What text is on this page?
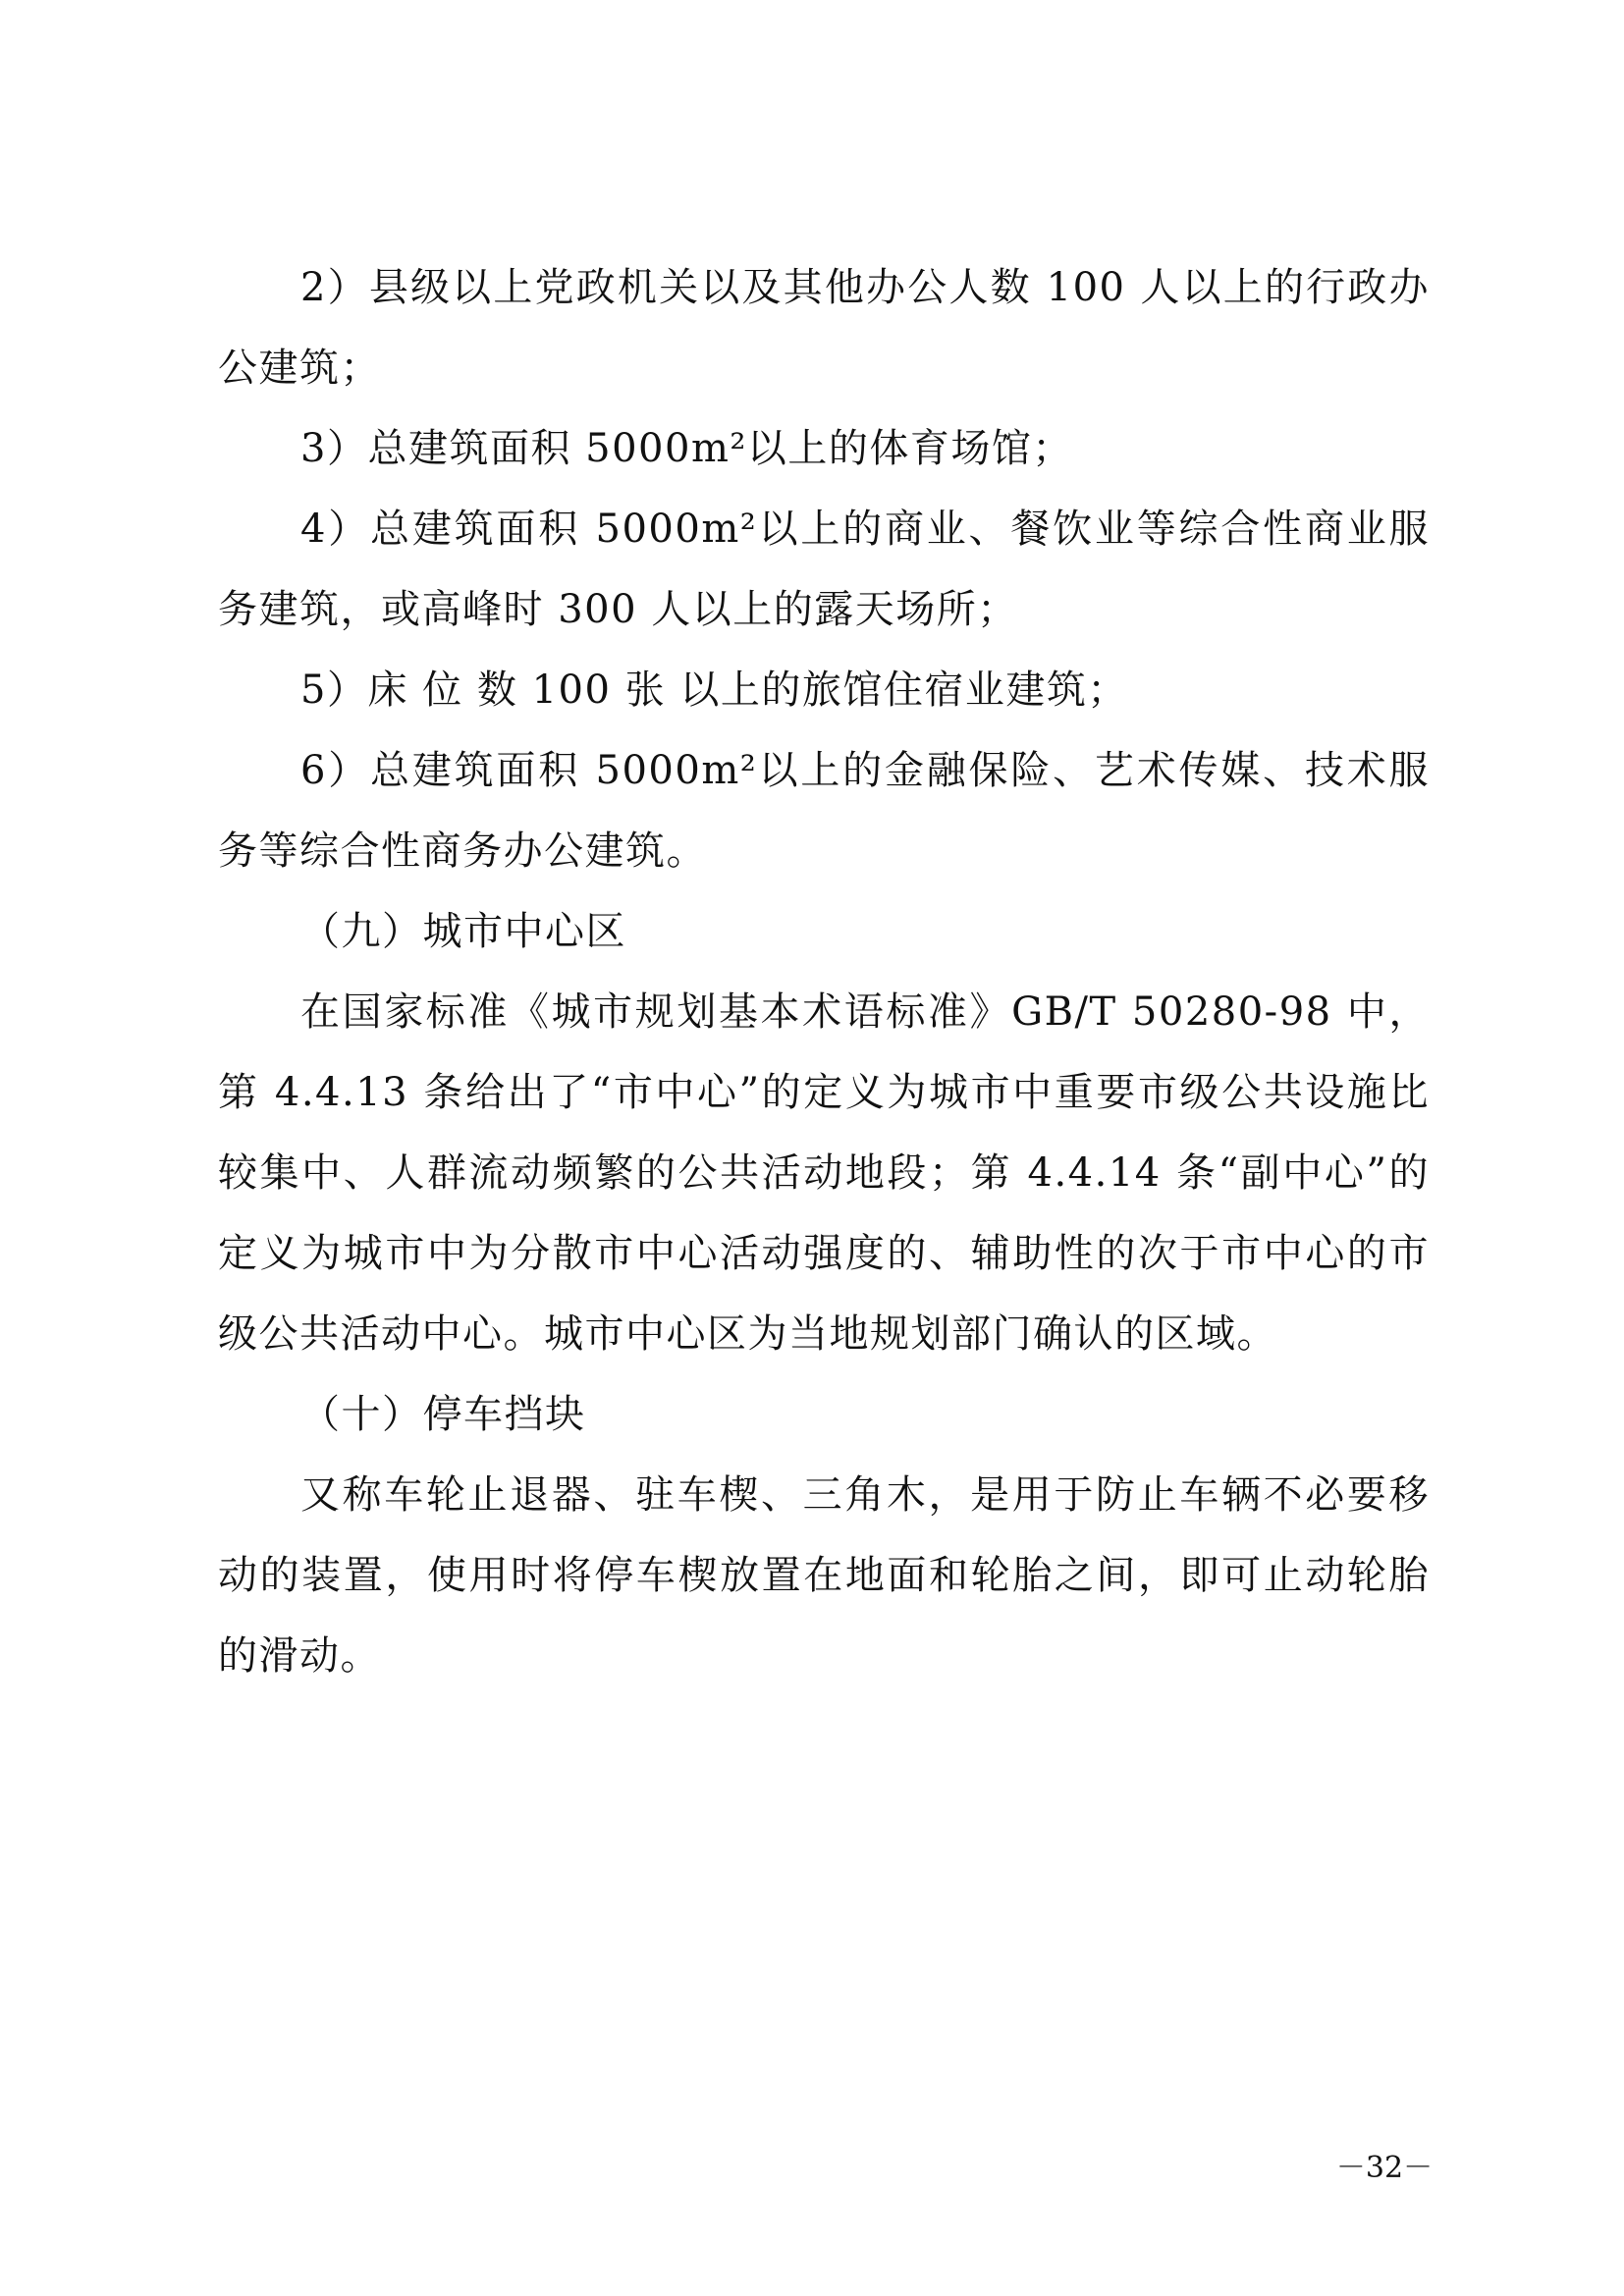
2）县级以上党政机关以及其他办公人数 100 人以上的行政办公建筑；

3）总建筑面积 5000m²以上的体育场馆；

4）总建筑面积 5000m²以上的商业、餐饮业等综合性商业服务建筑，或高峰时 300 人以上的露天场所；

5）床 位 数 100 张 以上的旅馆住宿业建筑；

6）总建筑面积 5000m²以上的金融保险、艺术传媒、技术服务等综合性商务办公建筑。

（九）城市中心区

在国家标准《城市规划基本术语标准》GB/T 50280-98 中，第 4.4.13 条给出了“市中心”的定义为城市中重要市级公共设施比较集中、人群流动频繁的公共活动地段；第 4.4.14 条“副中心”的定义为城市中为分散市中心活动强度的、辅助性的次于市中心的市级公共活动中心。城市中心区为当地规划部门确认的区域。

（十）停车挡块

又称车轮止退器、驻车楔、三角木，是用于防止车辆不必要移动的装置，使用时将停车楔放置在地面和轮胎之间，即可止动轮胎的滑动。

－32－
